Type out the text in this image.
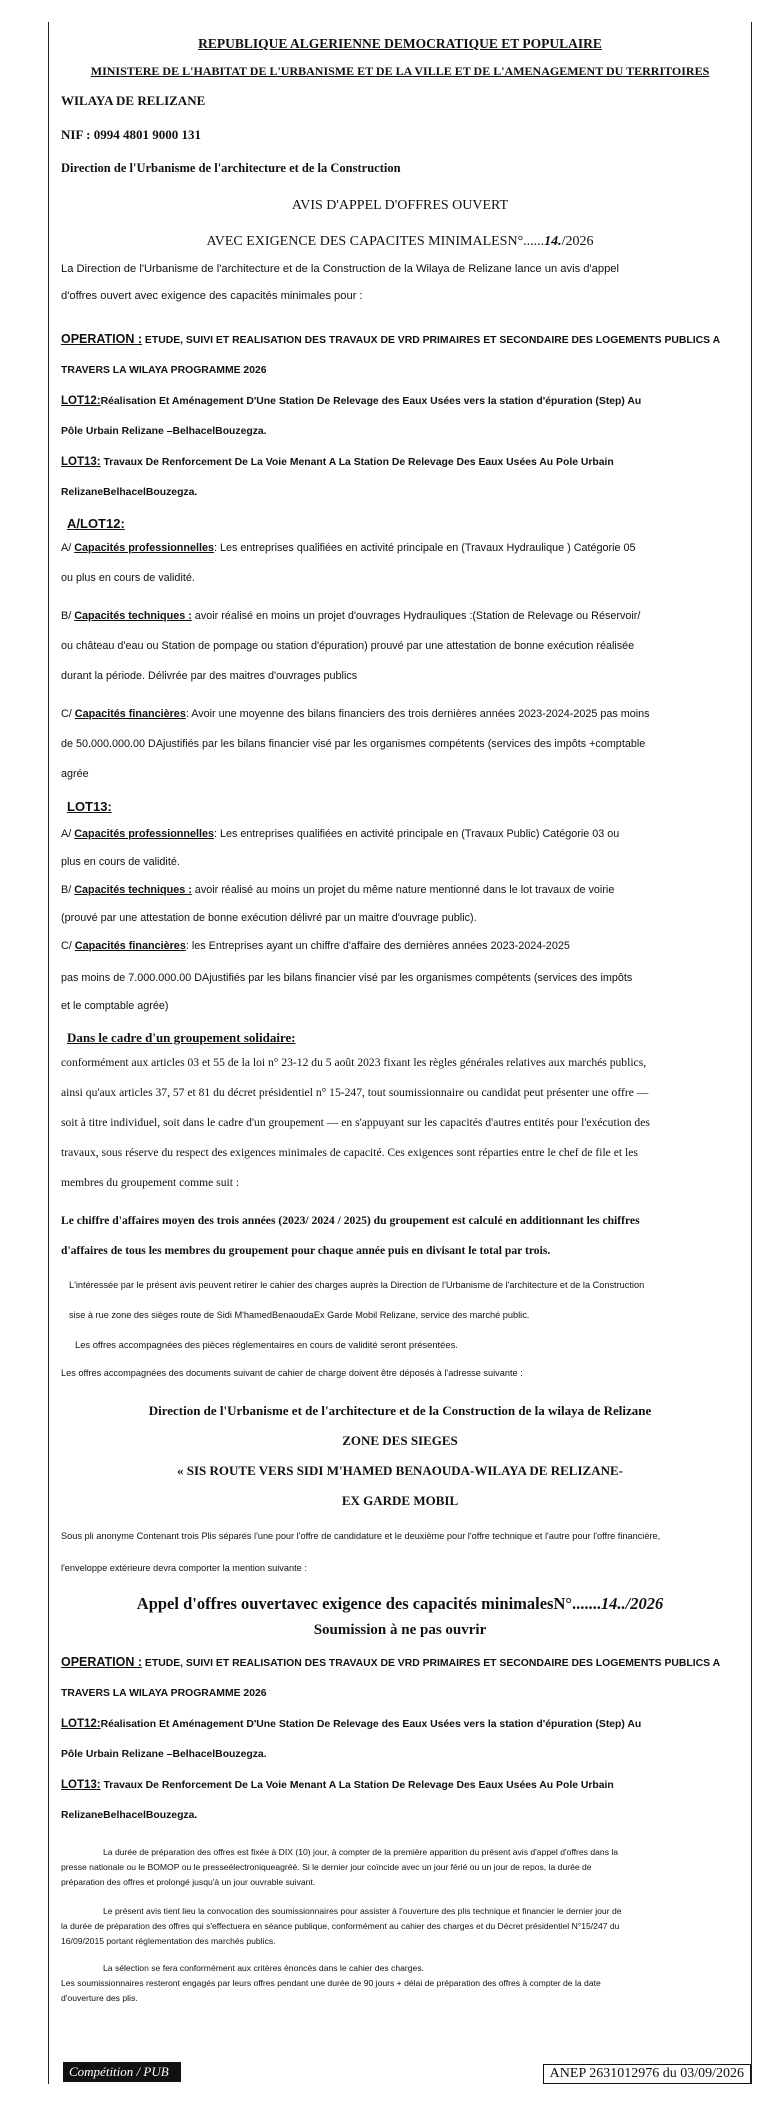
REPUBLIQUE ALGERIENNE DEMOCRATIQUE ET POPULAIRE
MINISTERE DE L'HABITAT DE L'URBANISME ET DE LA VILLE ET DE L'AMENAGEMENT DU TERRITOIRES
WILAYA DE RELIZANE
NIF : 0994 4801 9000 131
Direction de l'Urbanisme de l'architecture et de la Construction
AVIS D'APPEL D'OFFRES OUVERT
AVEC EXIGENCE DES CAPACITES MINIMALESN°......14./2026
La Direction de l'Urbanisme de l'architecture et de la Construction de la Wilaya de Relizane lance un avis d'appel
d'offres ouvert avec exigence des capacités minimales pour :
OPERATION : ETUDE, SUIVI ET REALISATION DES TRAVAUX DE VRD PRIMAIRES ET SECONDAIRE DES LOGEMENTS PUBLICS A
TRAVERS LA WILAYA PROGRAMME 2026
LOT12:Réalisation Et Aménagement D'Une Station De Relevage des Eaux Usées vers la station d'épuration (Step) Au
Pôle Urbain Relizane –BelhacelBouzegza.
LOT13: Travaux De Renforcement De La Voie Menant A La Station De Relevage Des Eaux Usées Au Pole Urbain
RelizaneBelhacelBouzegza.
A/LOT12:
A/ Capacités professionnelles: Les entreprises qualifiées en activité principale en (Travaux Hydraulique ) Catégorie 05
ou plus en cours de validité.
B/ Capacités techniques : avoir réalisé en moins un projet d'ouvrages Hydrauliques :(Station de Relevage ou Réservoir/
ou château d'eau ou Station de pompage ou station d'épuration) prouvé par une attestation de bonne exécution réalisée
durant la période. Délivrée par des maitres d'ouvrages publics
C/ Capacités financières: Avoir une moyenne des bilans financiers des trois dernières années 2023-2024-2025 pas moins
de 50.000.000.00 DAjustifiés par les bilans financier visé par les organismes compétents (services des impôts +comptable
agrée
LOT13:
A/ Capacités professionnelles: Les entreprises qualifiées en activité principale en (Travaux Public) Catégorie 03 ou
plus en cours de validité.
B/ Capacités techniques : avoir réalisé au moins un projet du même nature mentionné dans le lot travaux de voirie
(prouvé par une attestation de bonne exécution délivré par un maitre d'ouvrage public).
C/ Capacités financières: les Entreprises ayant un chiffre d'affaire des dernières années 2023-2024-2025
pas moins de 7.000.000.00 DAjustifiés par les bilans financier visé par les organismes compétents (services des impôts
et le comptable agrée)
Dans le cadre d'un groupement solidaire:
conformément aux articles 03 et 55 de la loi n° 23-12 du 5 août 2023 fixant les règles générales relatives aux marchés publics,
ainsi qu'aux articles 37, 57 et 81 du décret présidentiel n° 15-247, tout soumissionnaire ou candidat peut présenter une offre —
soit à titre individuel, soit dans le cadre d'un groupement — en s'appuyant sur les capacités d'autres entités pour l'exécution des
travaux, sous réserve du respect des exigences minimales de capacité. Ces exigences sont réparties entre le chef de file et les
membres du groupement comme suit :
Le chiffre d'affaires moyen des trois années (2023/ 2024 / 2025) du groupement est calculé en additionnant les chiffres
d'affaires de tous les membres du groupement pour chaque année puis en divisant le total par trois.
L'intéressée par le présent avis peuvent retirer le cahier des charges auprès la Direction de l'Urbanisme de l'architecture et de la Construction
sise à rue zone des sièges route de Sidi M'hamedBenaoudaEx Garde Mobil Relizane, service des marché public.
Les offres accompagnées des pièces réglementaires en cours de validité seront présentées.
Les offres accompagnées des documents suivant de cahier de charge doivent être déposés à l'adresse suivante :
Direction de l'Urbanisme et de l'architecture et de la Construction de la wilaya de Relizane
ZONE DES SIEGES
« SIS ROUTE VERS SIDI M'HAMED BENAOUDA-WILAYA DE RELIZANE-
EX GARDE MOBIL
Sous pli anonyme Contenant trois Plis séparés l'une pour l'offre de candidature et le deuxième pour l'offre technique et l'autre pour l'offre financière,
l'enveloppe extérieure devra comporter la mention suivante :
Appel d'offres ouvertavec exigence des capacités minimalesN°.......14../2026
Soumission à ne pas ouvrir
OPERATION : ETUDE, SUIVI ET REALISATION DES TRAVAUX DE VRD PRIMAIRES ET SECONDAIRE DES LOGEMENTS PUBLICS A
TRAVERS LA WILAYA PROGRAMME 2026
LOT12:Réalisation Et Aménagement D'Une Station De Relevage des Eaux Usées vers la station d'épuration (Step) Au
Pôle Urbain Relizane –BelhacelBouzegza.
LOT13: Travaux De Renforcement De La Voie Menant A La Station De Relevage Des Eaux Usées Au Pole Urbain
RelizaneBelhacelBouzegza.
La durée de préparation des offres est fixée à DIX (10) jour, à compter de la première apparition du présent avis d'appel d'offres dans la
presse nationale ou le BOMOP ou le presseélectroniqueagréé. Si le dernier jour coïncide avec un jour férié ou un jour de repos, la durée de
préparation des offres et prolongé jusqu'à un jour ouvrable suivant.
Le présent avis tient lieu la convocation des soumissionnaires pour assister à l'ouverture des plis technique et financier le dernier jour de
la durée de préparation des offres qui s'effectuera en séance publique, conformément au cahier des charges et du Décret présidentiel N°15/247 du
16/09/2015 portant réglementation des marchés publics.
La sélection se fera conformément aux critères énoncés dans le cahier des charges.
Les soumissionnaires resteront engagés par leurs offres pendant une durée de 90 jours + délai de préparation des offres à compter de la date
d'ouverture des plis.
Compétition / PUB	ANEP 2631012976 du 03/09/2026
